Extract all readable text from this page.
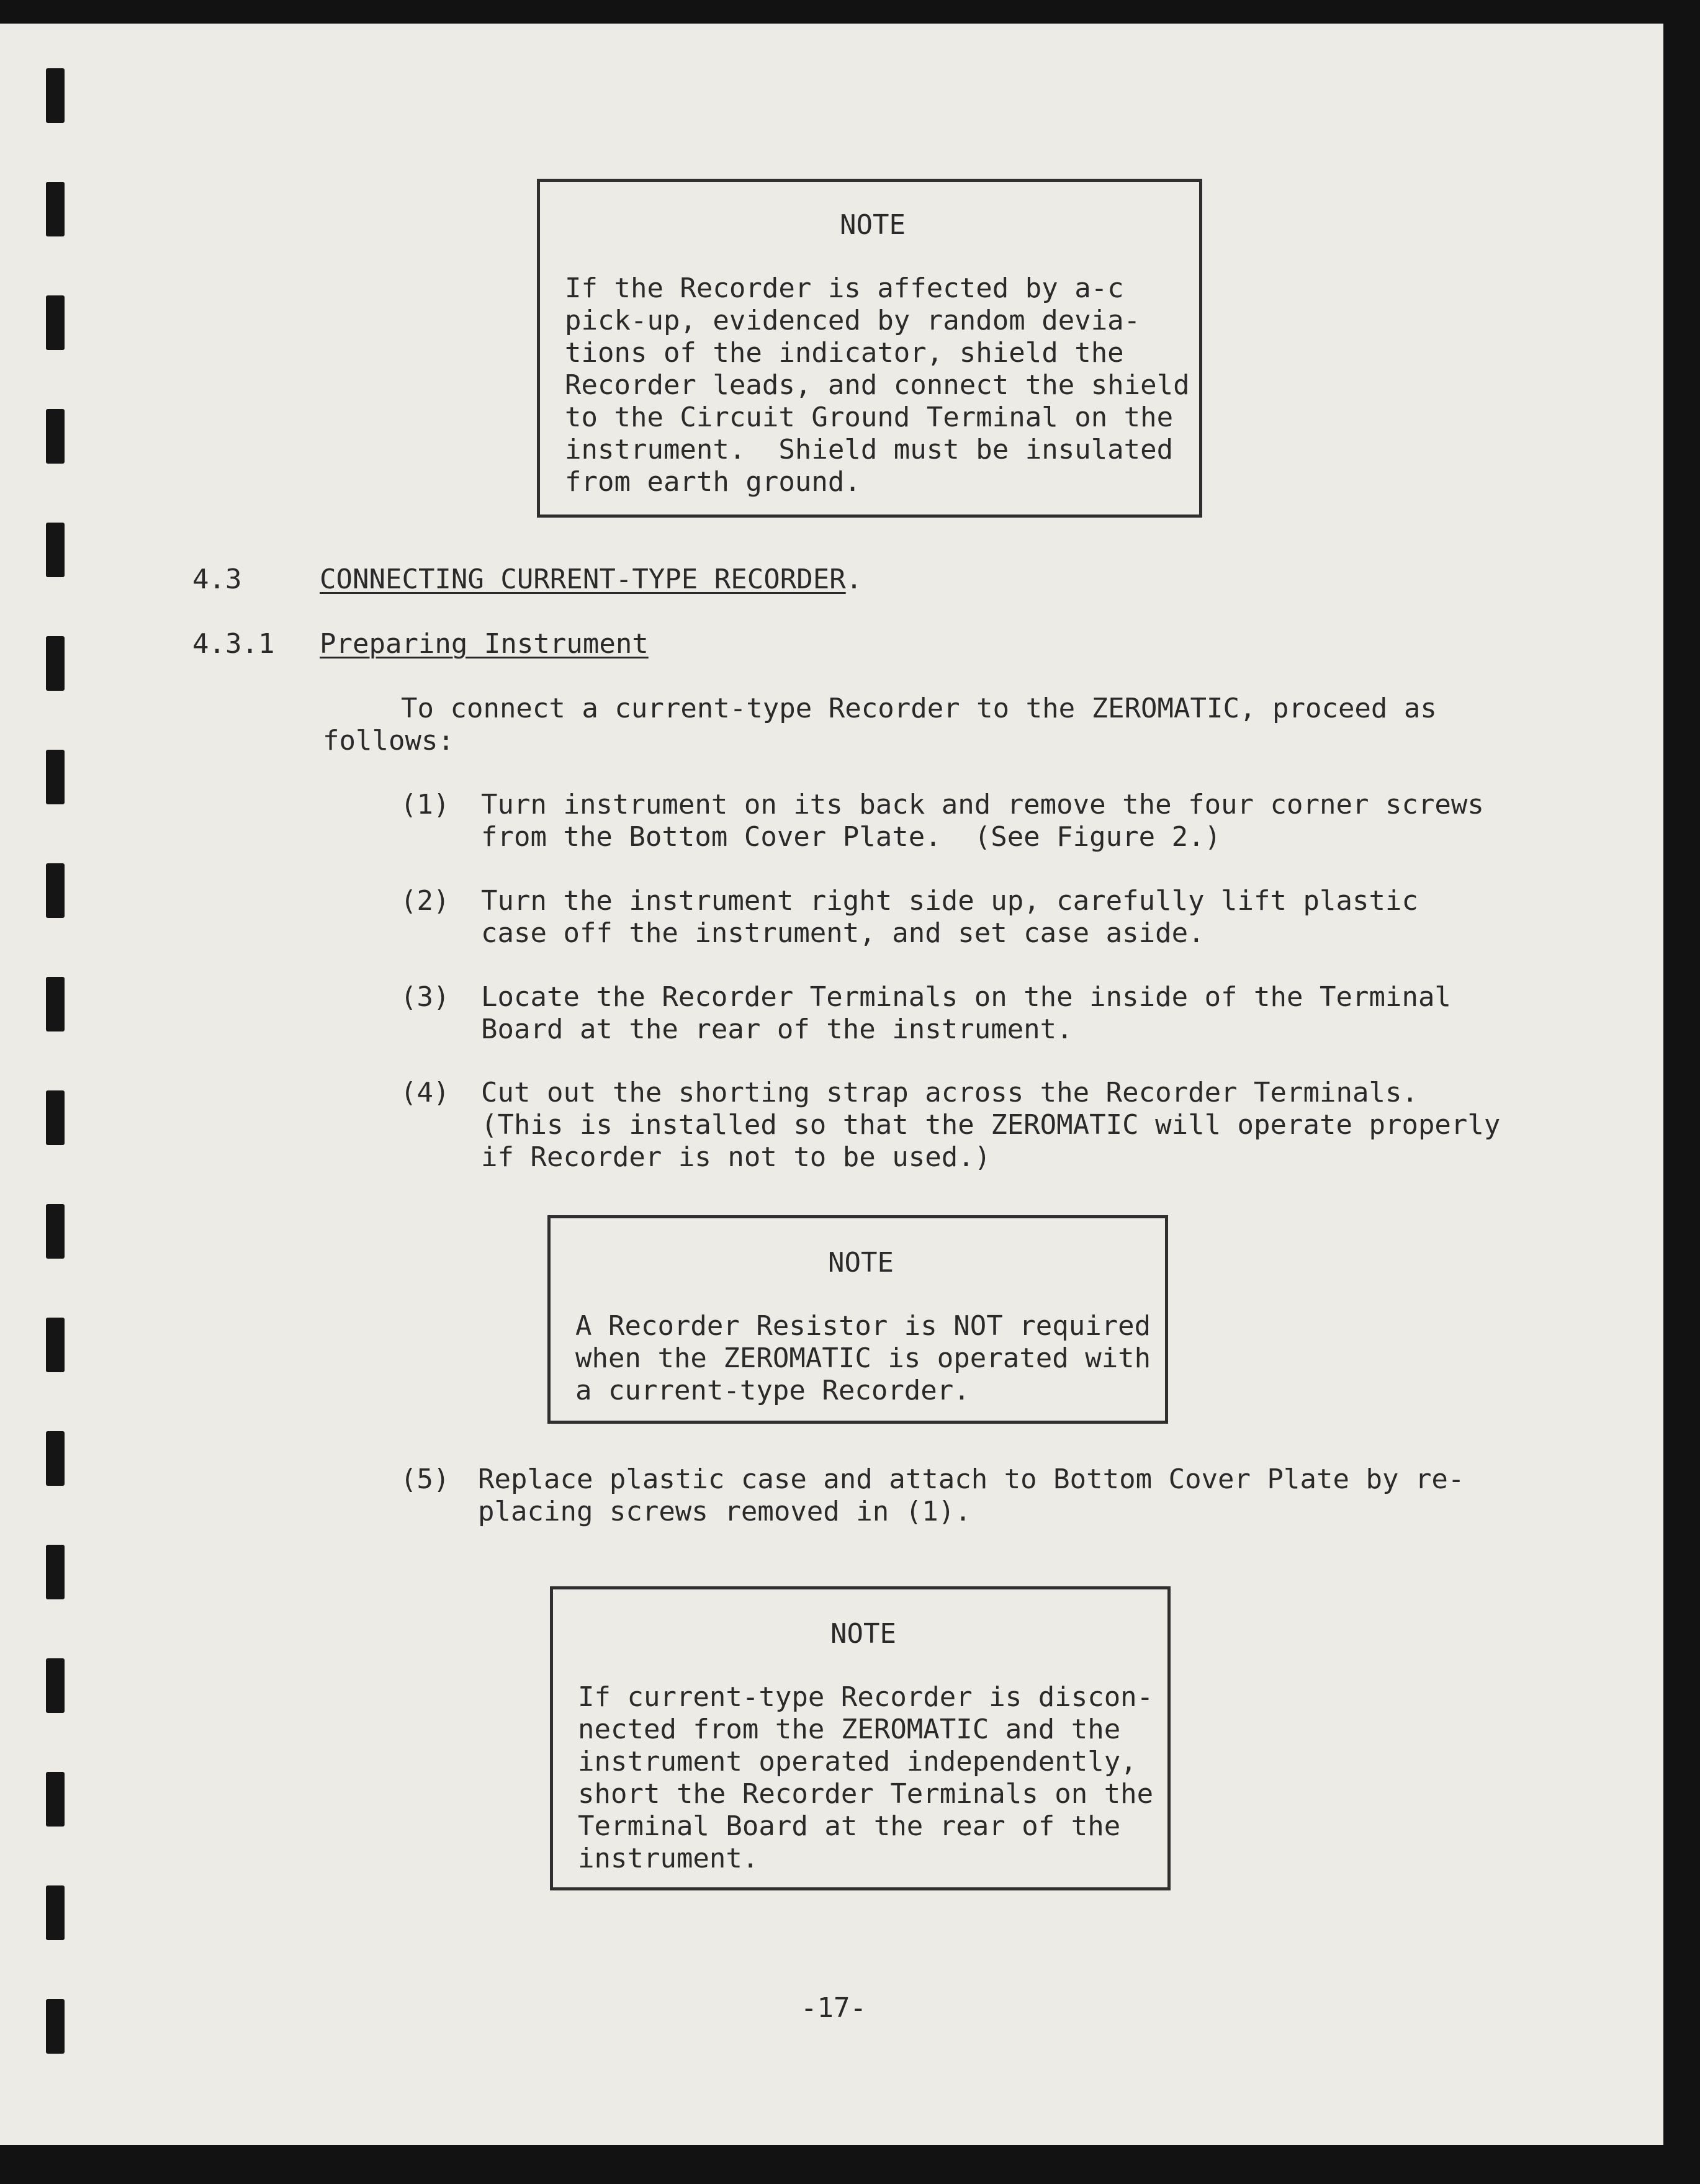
NOTE
If the Recorder is affected by a-c
pick-up, evidenced by random devia-
tions of the indicator, shield the
Recorder leads, and connect the shield
to the Circuit Ground Terminal on the
instrument.  Shield must be insulated
from earth ground.
4.3	CONNECTING CURRENT-TYPE RECORDER.
4.3.1 Preparing Instrument
To connect a current-type Recorder to the ZEROMATIC, proceed as
follows:
(1) Turn instrument on its back and remove the four corner screws
from the Bottom Cover Plate.  (See Figure 2.)
(2) Turn the instrument right side up, carefully lift plastic
case off the instrument, and set case aside.
(3) Locate the Recorder Terminals on the inside of the Terminal
Board at the rear of the instrument.
(4) Cut out the shorting strap across the Recorder Terminals.
(This is installed so that the ZEROMATIC will operate properly
if Recorder is not to be used.)
NOTE
A Recorder Resistor is NOT required
when the ZEROMATIC is operated with
a current-type Recorder.
(5) Replace plastic case and attach to Bottom Cover Plate by re-
placing screws removed in (1).
NOTE
If current-type Recorder is discon-
nected from the ZEROMATIC and the
instrument operated independently,
short the Recorder Terminals on the
Terminal Board at the rear of the
instrument.
-17-
